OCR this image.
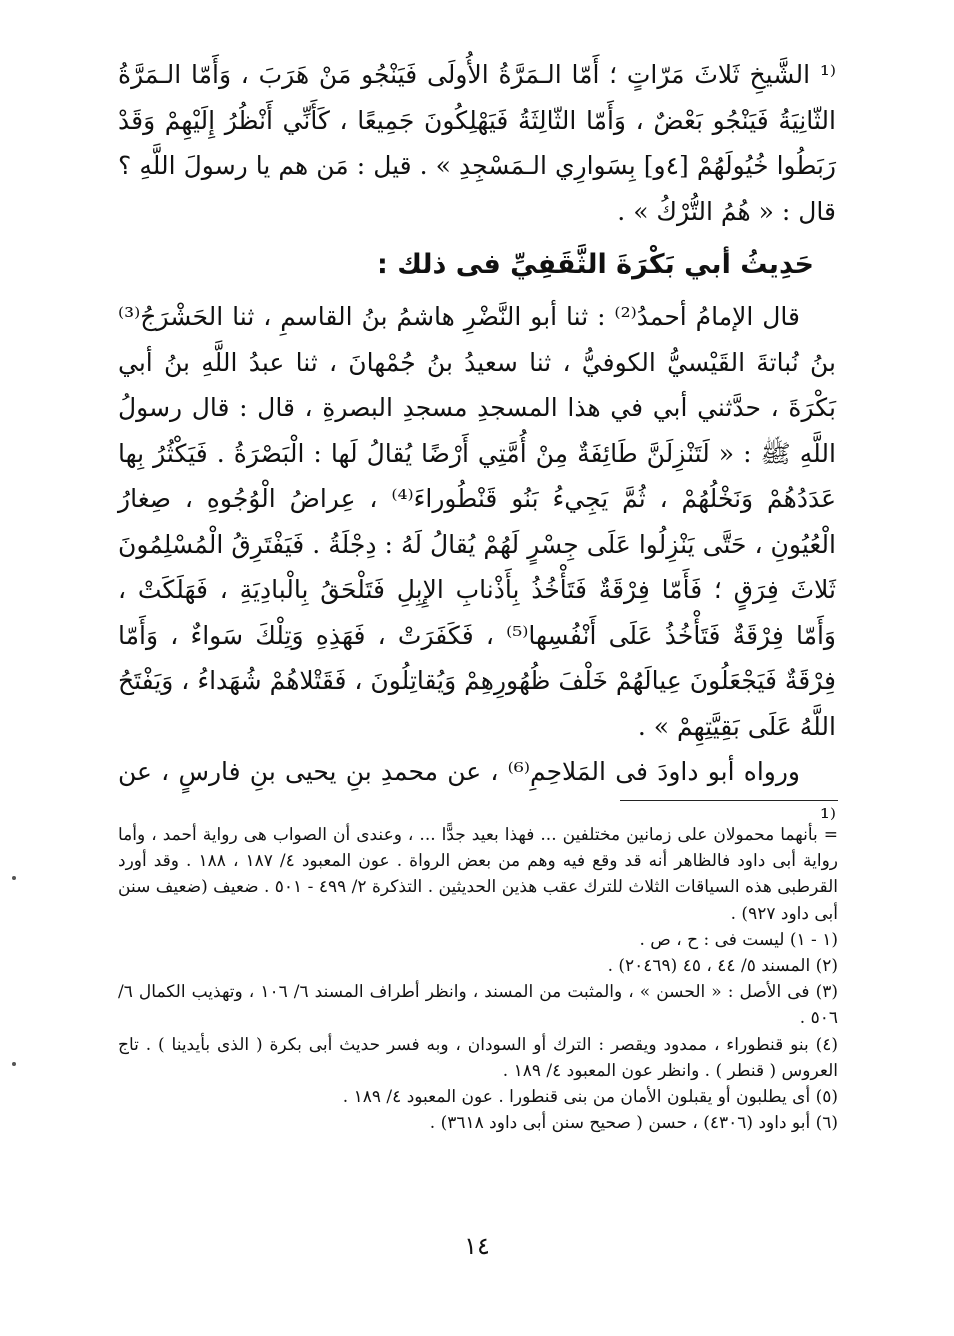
⁽¹ الشَّيخِ ثَلاثَ مَرّاتٍ ؛ أَمّا الـمَرَّةُ الأُولَى فَيَنْجُو مَنْ هَرَبَ ، وَأَمّا الـمَرَّةُ الثّانِيَةُ فَيَنْجُو بَعْضٌ ، وَأَمّا الثّالِثَةُ فَيَهْلِكُونَ جَمِيعًا ، كَأَنِّي أَنْظُرُ إِلَيْهِمْ وَقَدْ رَبَطُوا خُيُولَهُمْ [٤و] بِسَوارِي الـمَسْجِدِ » . قيل : مَن هم يا رسولَ اللَّهِ ؟ قال : « هُمُ التُّرْكُ » .

حَدِيثُ أبي بَكْرَةَ الثَّقَفِيِّ فى ذلك :

قال الإمامُ أحمدُ⁽²⁾ : ثنا أبو النَّضْرِ هاشمُ بنُ القاسمِ ، ثنا الحَشْرَجُ⁽³⁾ بنُ نُباتةَ القَيْسيُّ الكوفيُّ ، ثنا سعيدُ بنُ جُمْهانَ ، ثنا عبدُ اللَّهِ بنُ أبي بَكْرَةَ ، حدَّثني أبي في هذا المسجدِ مسجدِ البصرةِ ، قال : قال رسولُ اللَّهِ ﷺ : « لَتَنْزِلَنَّ طَائِفَةٌ مِنْ أُمَّتِي أَرْضًا يُقالُ لَها : الْبَصْرَةُ . فَيَكْثُرُ بِها عَدَدُهُمْ وَنَخْلُهُمْ ، ثُمَّ يَجِيءُ بَنُو قَنْطُوراءَ⁽⁴⁾ ، عِراضُ الْوُجُوهِ ، صِغارُ الْعُيُونِ ، حَتَّى يَنْزِلُوا عَلَى جِسْرٍ لَهُمْ يُقالُ لَهُ : دِجْلَةُ . فَيَفْتَرِقُ الْمُسْلِمُونَ ثَلاثَ فِرَقٍ ؛ فَأَمّا فِرْقَةٌ فَتَأْخُذُ بِأَذْنابِ الإِبِلِ فَتَلْحَقُ بِالْبادِيَةِ ، فَهَلَكَتْ ، وَأَمّا فِرْقَةٌ فَتَأْخُذُ عَلَى أَنْفُسِها⁽⁵⁾ ، فَكَفَرَتْ ، فَهَذِهِ وَتِلْكَ سَواءٌ ، وَأَمّا فِرْقَةٌ فَيَجْعَلُونَ عِيالَهُمْ خَلْفَ ظُهُورِهِمْ وَيُقاتِلُونَ ، فَقَتْلاهُمْ شُهَداءُ ، وَيَفْتَحُ اللَّهُ عَلَى بَقِيَّتِهِمْ » .

ورواه أبو داودَ فى المَلاحِمِ⁽⁶⁾ ، عن محمدِ بنِ يحيى بنِ فارسٍ ، عن ⁽¹

= بأنهما محمولان على زمانين مختلفين ... فهذا بعيد جدًّا ... ، وعندى أن الصواب هى رواية أحمد ، وأما رواية أبى داود فالظاهر أنه قد وقع فيه وهم من بعض الرواة . عون المعبود ٤/ ١٨٧ ، ١٨٨ . وقد أورد القرطبى هذه السياقات الثلاث للترك عقب هذين الحديثين . التذكرة ٢/ ٤٩٩ - ٥٠١ . ضعيف (ضعيف سنن أبى داود ٩٢٧) .

(١ - ١) ليست فى : ح ، ص .

(٢) المسند ٥/ ٤٤ ، ٤٥ (٢٠٤٦٩) .

(٣) فى الأصل : « الحسن » ، والمثبت من المسند ، وانظر أطراف المسند ٦/ ١٠٦ ، وتهذيب الكمال ٦/ ٥٠٦ .

(٤) بنو قنطوراء ، ممدود ويقصر : الترك أو السودان ، وبه فسر حديث أبى بكرة ( الذى بأيدينا ) . تاج العروس ( قنطر ) . وانظر عون المعبود ٤/ ١٨٩ .

(٥) أى يطلبون أو يقبلون الأمان من بنى قنطورا . عون المعبود ٤/ ١٨٩ .

(٦) أبو داود (٤٣٠٦) ، حسن ( صحيح سنن أبى داود ٣٦١٨) .

١٤
